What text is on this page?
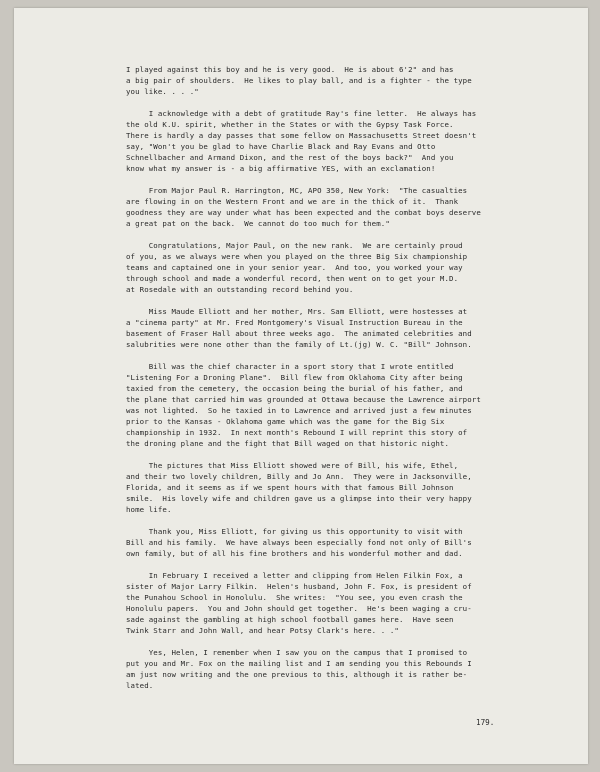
I played against this boy and he is very good.  He is about 6'2" and has
a big pair of shoulders.  He likes to play ball, and is a fighter - the type
you like. . . ."
I acknowledge with a debt of gratitude Ray's fine letter.  He always has
the old K.U. spirit, whether in the States or with the Gypsy Task Force.
There is hardly a day passes that some fellow on Massachusetts Street doesn't
say, "Won't you be glad to have Charlie Black and Ray Evans and Otto
Schnellbacher and Armand Dixon, and the rest of the boys back?"  And you
know what my answer is - a big affirmative YES, with an exclamation!
From Major Paul R. Harrington, MC, APO 350, New York:  "The casualties
are flowing in on the Western Front and we are in the thick of it.  Thank
goodness they are way under what has been expected and the combat boys deserve
a great pat on the back.  We cannot do too much for them."
Congratulations, Major Paul, on the new rank.  We are certainly proud
of you, as we always were when you played on the three Big Six championship
teams and captained one in your senior year.  And too, you worked your way
through school and made a wonderful record, then went on to get your M.D.
at Rosedale with an outstanding record behind you.
Miss Maude Elliott and her mother, Mrs. Sam Elliott, were hostesses at
a "cinema party" at Mr. Fred Montgomery's Visual Instruction Bureau in the
basement of Fraser Hall about three weeks ago.  The animated celebrities and
salubrities were none other than the family of Lt.(jg) W. C. "Bill" Johnson.
Bill was the chief character in a sport story that I wrote entitled
"Listening For a Droning Plane".  Bill flew from Oklahoma City after being
taxied from the cemetery, the occasion being the burial of his father, and
the plane that carried him was grounded at Ottawa because the Lawrence airport
was not lighted.  So he taxied in to Lawrence and arrived just a few minutes
prior to the Kansas - Oklahoma game which was the game for the Big Six
championship in 1932.  In next month's Rebound I will reprint this story of
the droning plane and the fight that Bill waged on that historic night.
The pictures that Miss Elliott showed were of Bill, his wife, Ethel,
and their two lovely children, Billy and Jo Ann.  They were in Jacksonville,
Florida, and it seems as if we spent hours with that famous Bill Johnson
smile.  His lovely wife and children gave us a glimpse into their very happy
home life.
Thank you, Miss Elliott, for giving us this opportunity to visit with
Bill and his family.  We have always been especially fond not only of Bill's
own family, but of all his fine brothers and his wonderful mother and dad.
In February I received a letter and clipping from Helen Filkin Fox, a
sister of Major Larry Filkin.  Helen's husband, John F. Fox, is president of
the Punahou School in Honolulu.  She writes:  "You see, you even crash the
Honolulu papers.  You and John should get together.  He's been waging a cru-
sade against the gambling at high school football games here.  Have seen
Twink Starr and John Wall, and hear Potsy Clark's here. . ."
Yes, Helen, I remember when I saw you on the campus that I promised to
put you and Mr. Fox on the mailing list and I am sending you this Rebounds I
am just now writing and the one previous to this, although it is rather be-
lated.
179.
